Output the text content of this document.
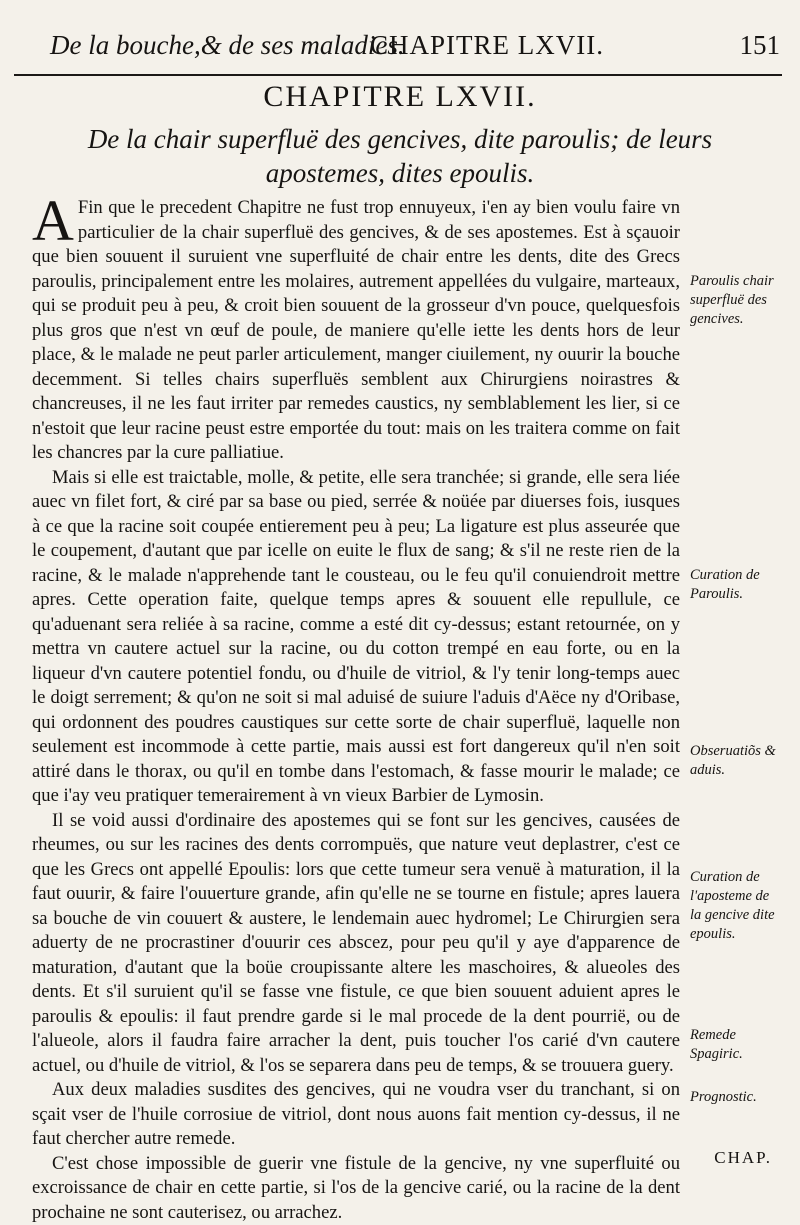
De la bouche,& de ses maladies.
CHAPITRE LXVII.	151
CHAPITRE LXVII.
De la chair superfluë des gencives, dite paroulis; de leurs
apostemes, dites epoulis.

A Fin que le precedent Chapitre ne fust trop ennuyeux, i'en ay bien voulu faire vn particulier de la chair superfluë des gencives, & de ses apostemes. Est à sçauoir que bien souuent il suruient vne superfluité de chair entre les dents, dite des Grecs paroulis, principalement entre les molaires, autrement appellées du vulgaire, marteaux, qui se produit peu à peu, & croit bien souuent de la grosseur d'vn pouce, quelquesfois plus gros que n'est vn œuf de poule, de maniere qu'elle iette les dents hors de leur place, & le malade ne peut parler articulement, manger ciuilement, ny ouurir la bouche decemment. Si telles chairs superfluës semblent aux Chirurgiens noirastres & chancreuses, il ne les faut irriter par remedes caustics, ny semblablement les lier, si ce n'estoit que leur racine peust estre emportée du tout: mais on les traitera comme on fait les chancres par la cure palliatiue.

Mais si elle est traictable, molle, & petite, elle sera tranchée; si grande, elle sera liée auec vn filet fort, & ciré par sa base ou pied, serrée & noüée par diuerses fois, iusques à ce que la racine soit coupée entierement peu à peu; La ligature est plus asseurée que le coupement, d'autant que par icelle on euite le flux de sang; & s'il ne reste rien de la racine, & le malade n'apprehende tant le cousteau, ou le feu qu'il conuiendroit mettre apres. Cette operation faite, quelque temps apres & souuent elle repullule, ce qu'aduenant sera reliée à sa racine, comme a esté dit cy-dessus; estant retournée, on y mettra vn cautere actuel sur la racine, ou du cotton trempé en eau forte, ou en la liqueur d'vn cautere potentiel fondu, ou d'huile de vitriol, & l'y tenir long-temps auec le doigt serrement; & qu'on ne soit si mal aduisé de suiure l'aduis d'Aëce ny d'Oribase, qui ordonnent des poudres caustiques sur cette sorte de chair superfluë, laquelle non seulement est incommode à cette partie, mais aussi est fort dangereux qu'il n'en soit attiré dans le thorax, ou qu'il en tombe dans l'estomach, & fasse mourir le malade; ce que i'ay veu pratiquer temerairement à vn vieux Barbier de Lymosin.

Il se void aussi d'ordinaire des apostemes qui se font sur les gencives, causées de rheumes, ou sur les racines des dents corrompuës, que nature veut deplastrer, c'est ce que les Grecs ont appellé Epoulis: lors que cette tumeur sera venuë à maturation, il la faut ouurir, & faire l'ouuerture grande, afin qu'elle ne se tourne en fistule; apres lauera sa bouche de vin couuert & austere, le lendemain auec hydromel; Le Chirurgien sera aduerty de ne procrastiner d'ouurir ces abscez, pour peu qu'il y aye d'apparence de maturation, d'autant que la boüe croupissante altere les maschoires, & alueoles des dents. Et s'il suruient qu'il se fasse vne fistule, ce que bien souuent aduient apres le paroulis & epoulis: il faut prendre garde si le mal procede de la dent pourriё, ou de l'alueole, alors il faudra faire arracher la dent, puis toucher l'os carié d'vn cautere actuel, ou d'huile de vitriol, & l'os se separera dans peu de temps, & se trouuera guery.

Aux deux maladies susdites des gencives, qui ne voudra vser du tranchant, si on sçait vser de l'huile corrosiue de vitriol, dont nous auons fait mention cy-dessus, il ne faut chercher autre remede.

C'est chose impossible de guerir vne fistule de la gencive, ny vne superfluité ou excroissance de chair en cette partie, si l'os de la gencive carié, ou la racine de la dent prochaine ne sont cauterisez, ou arrachez.

Paroulis chair superfluë des gencives.
Curation de Paroulis.
Obseruatiõs & aduis.
Curation de l'aposteme de la gencive dite epoulis.
Remede Spagiric.
Prognostic.
CHAP.
